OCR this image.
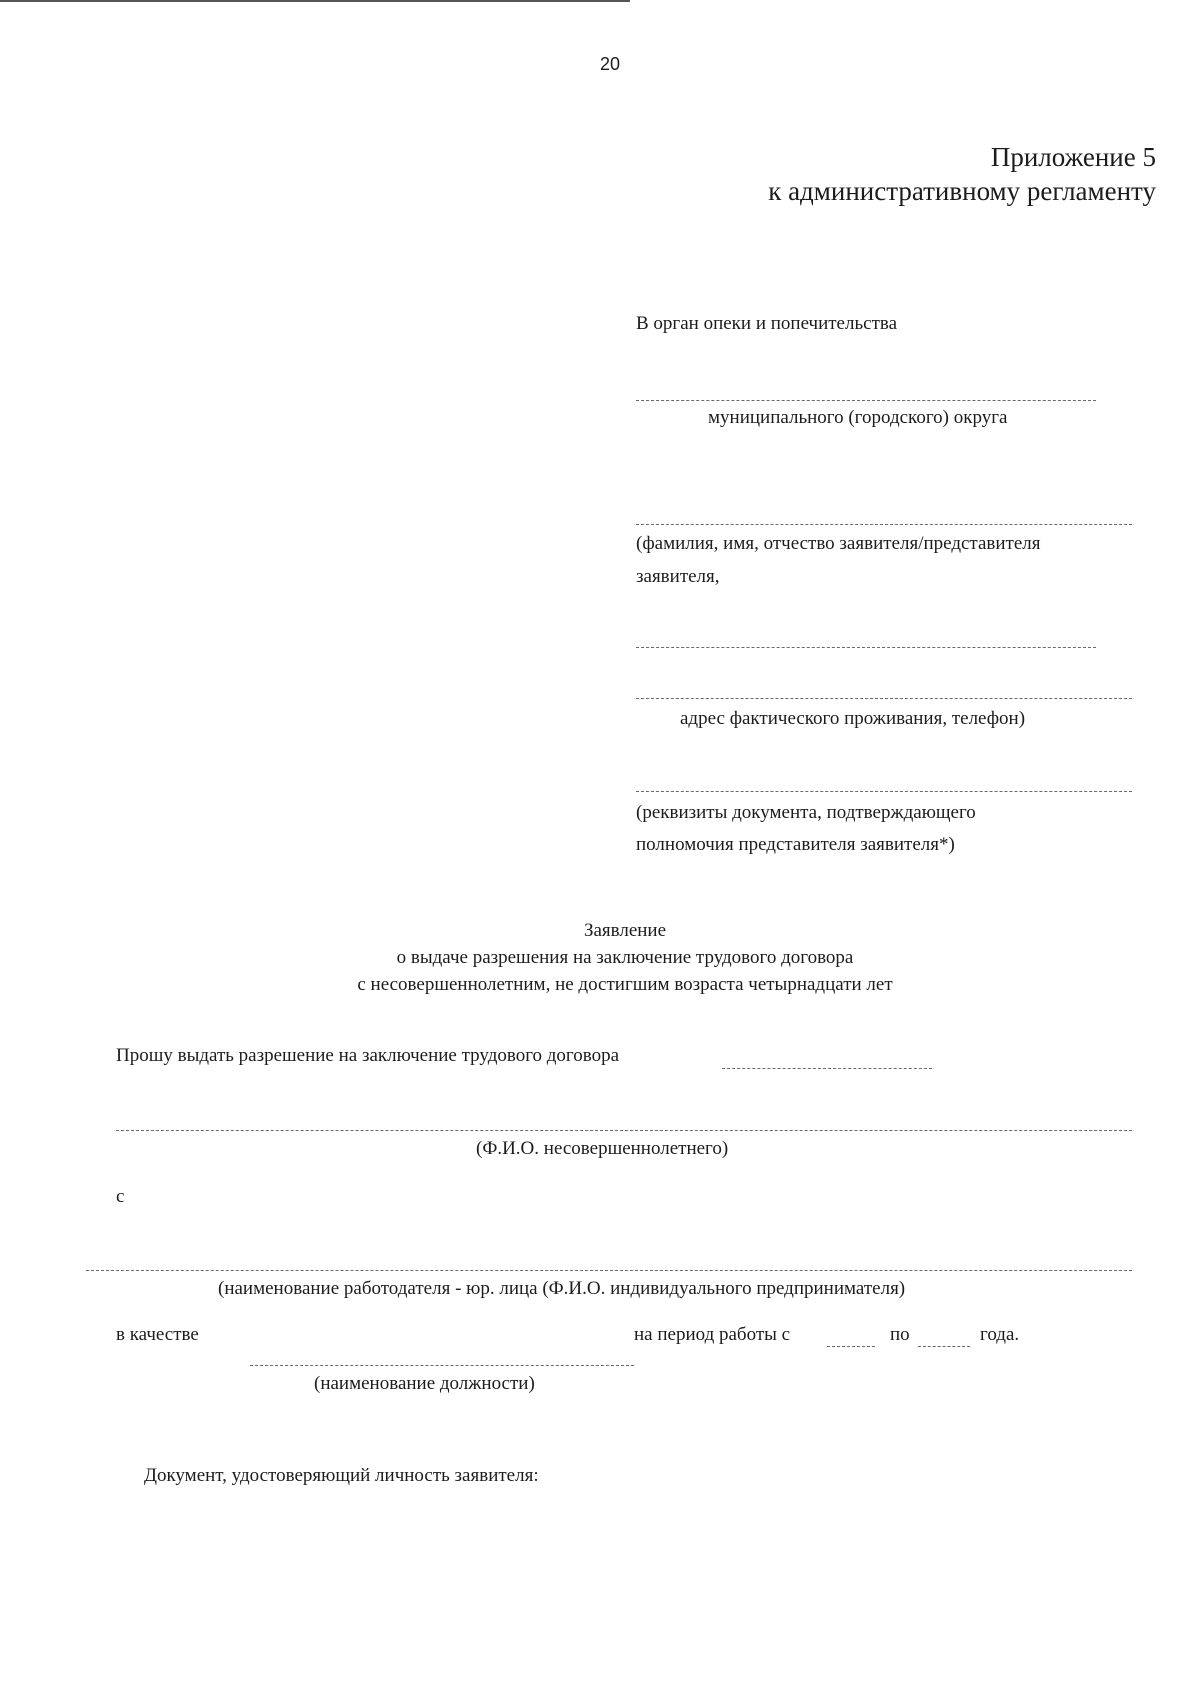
20
Приложение 5
к административному регламенту
В орган опеки и попечительства
муниципального (городского) округа
(фамилия, имя, отчество заявителя/представителя
заявителя,
адрес фактического проживания, телефон)
(реквизиты документа, подтверждающего
полномочия представителя заявителя*)
Заявление
о выдаче разрешения на заключение трудового договора
с несовершеннолетним, не достигшим возраста четырнадцати лет
Прошу выдать разрешение на заключение трудового договора
(Ф.И.О. несовершеннолетнего)
с
(наименование работодателя - юр. лица (Ф.И.О. индивидуального предпринимателя)
в качестве	на период работы с	по	года.
(наименование должности)
Документ, удостоверяющий личность заявителя:
